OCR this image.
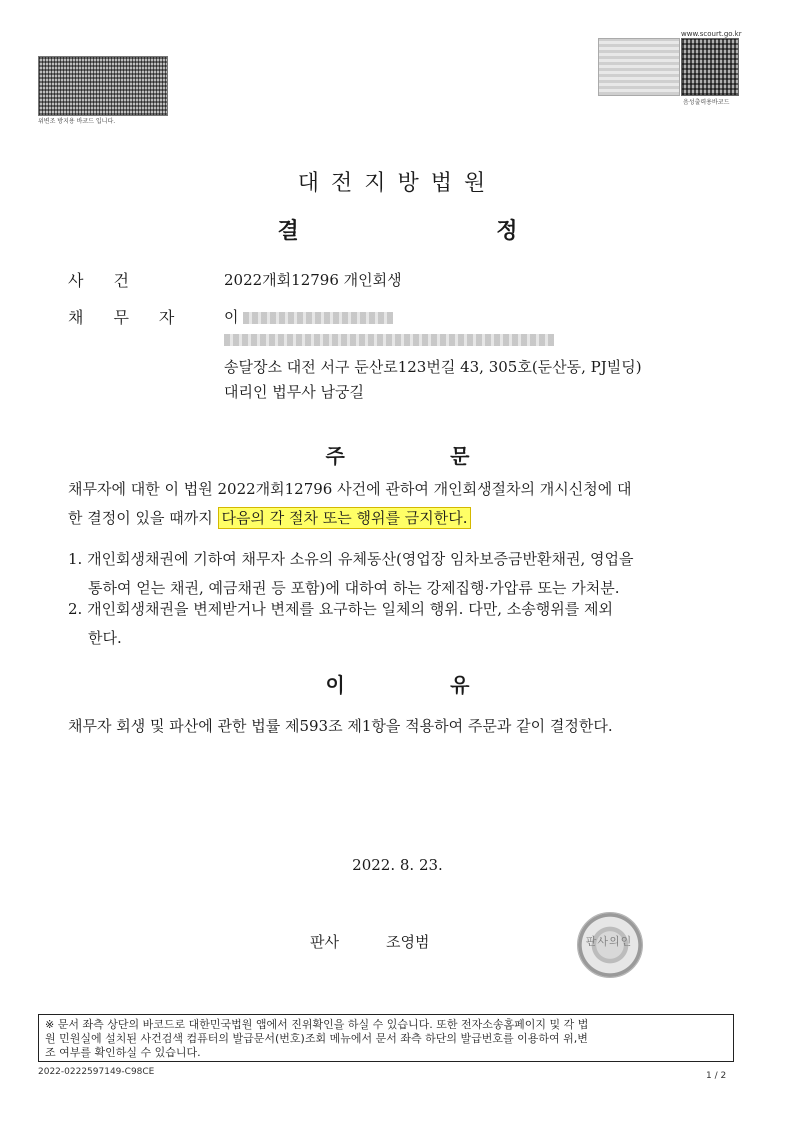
위변조 방지용 바코드 입니다.
www.scourt.go.kr
음성출력용바코드
대전지방법원
결	정
사건	2022개회12796 개인회생
채무자 이
송달장소 대전 서구 둔산로123번길 43, 305호(둔산동, PJ빌딩)
대리인 법무사 남궁길
주	문
채무자에 대한 이 법원 2022개회12796 사건에 관하여 개인회생절차의 개시신청에 대
한 결정이 있을 때까지 다음의 각 절차 또는 행위를 금지한다.
1. 개인회생채권에 기하여 채무자 소유의 유체동산(영업장 임차보증금반환채권, 영업을
통하여 얻는 채권, 예금채권 등 포함)에 대하여 하는 강제집행·가압류 또는 가처분.
2. 개인회생채권을 변제받거나 변제를 요구하는 일체의 행위. 다만, 소송행위를 제외
한다.
이	유
채무자 회생 및 파산에 관한 법률 제593조 제1항을 적용하여 주문과 같이 결정한다.
2022. 8. 23.
판사	조영범	판사의인
※ 문서 좌측 상단의 바코드로 대한민국법원 앱에서 진위확인을 하실 수 있습니다. 또한 전자소송홈페이지 및 각 법
원 민원실에 설치된 사건검색 컴퓨터의 발급문서(번호)조회 메뉴에서 문서 좌측 하단의 발급번호를 이용하여 위,변
조 여부를 확인하실 수 있습니다.
2022-0222597149-C98CE	1 / 2
